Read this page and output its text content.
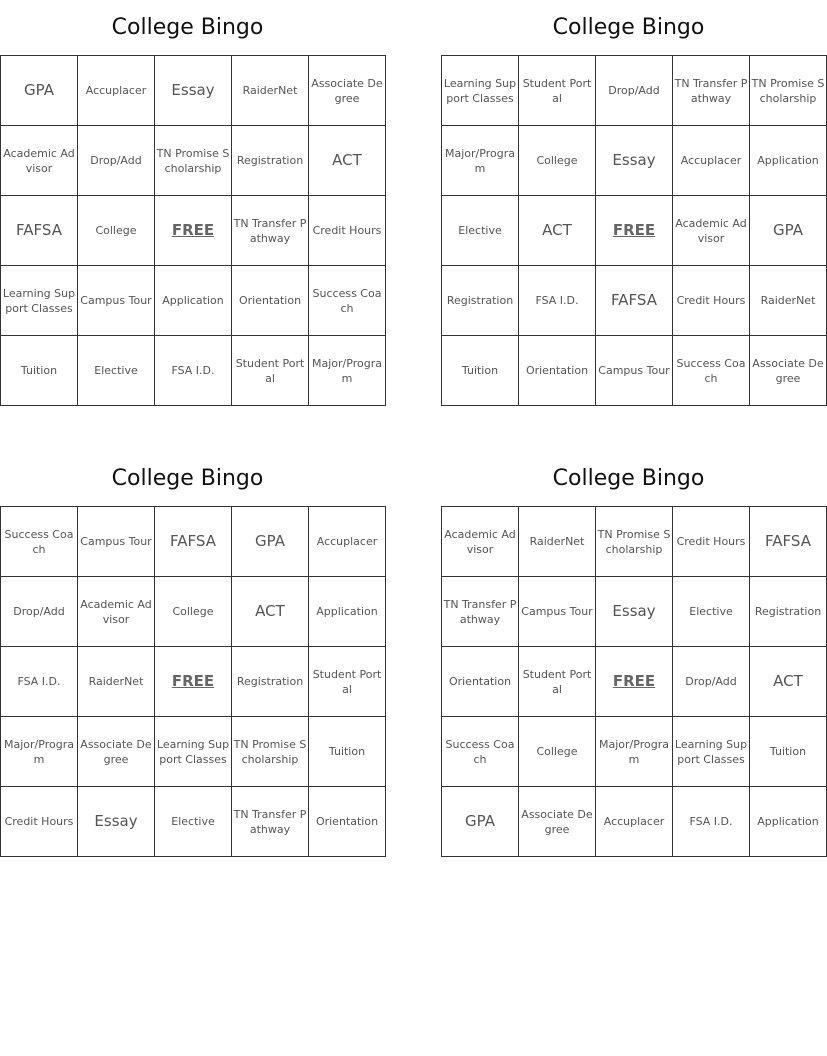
College Bingo
GPA	Accuplacer	Essay	RaiderNet	Associate Degree
Academic Advisor	Drop/Add	TN Promise Scholarship	Registration	ACT
FAFSA	College	FREE	TN Transfer Pathway	Credit Hours
Learning Support Classes	Campus Tour	Application	Orientation	Success Coach
Tuition	Elective	FSA I.D.	Student Portal	Major/Program
College Bingo
Learning Support Classes	Student Portal	Drop/Add	TN Transfer Pathway	TN Promise Scholarship
Major/Program	College	Essay	Accuplacer	Application
Elective	ACT	FREE	Academic Advisor	GPA
Registration	FSA I.D.	FAFSA	Credit Hours	RaiderNet
Tuition	Orientation	Campus Tour	Success Coach	Associate Degree
College Bingo
Success Coach	Campus Tour	FAFSA	GPA	Accuplacer
Drop/Add	Academic Advisor	College	ACT	Application
FSA I.D.	RaiderNet	FREE	Registration	Student Portal
Major/Program	Associate Degree	Learning Support Classes	TN Promise Scholarship	Tuition
Credit Hours	Essay	Elective	TN Transfer Pathway	Orientation
College Bingo
Academic Advisor	RaiderNet	TN Promise Scholarship	Credit Hours	FAFSA
TN Transfer Pathway	Campus Tour	Essay	Elective	Registration
Orientation	Student Portal	FREE	Drop/Add	ACT
Success Coach	College	Major/Program	Learning Support Classes	Tuition
GPA	Associate Degree	Accuplacer	FSA I.D.	Application
